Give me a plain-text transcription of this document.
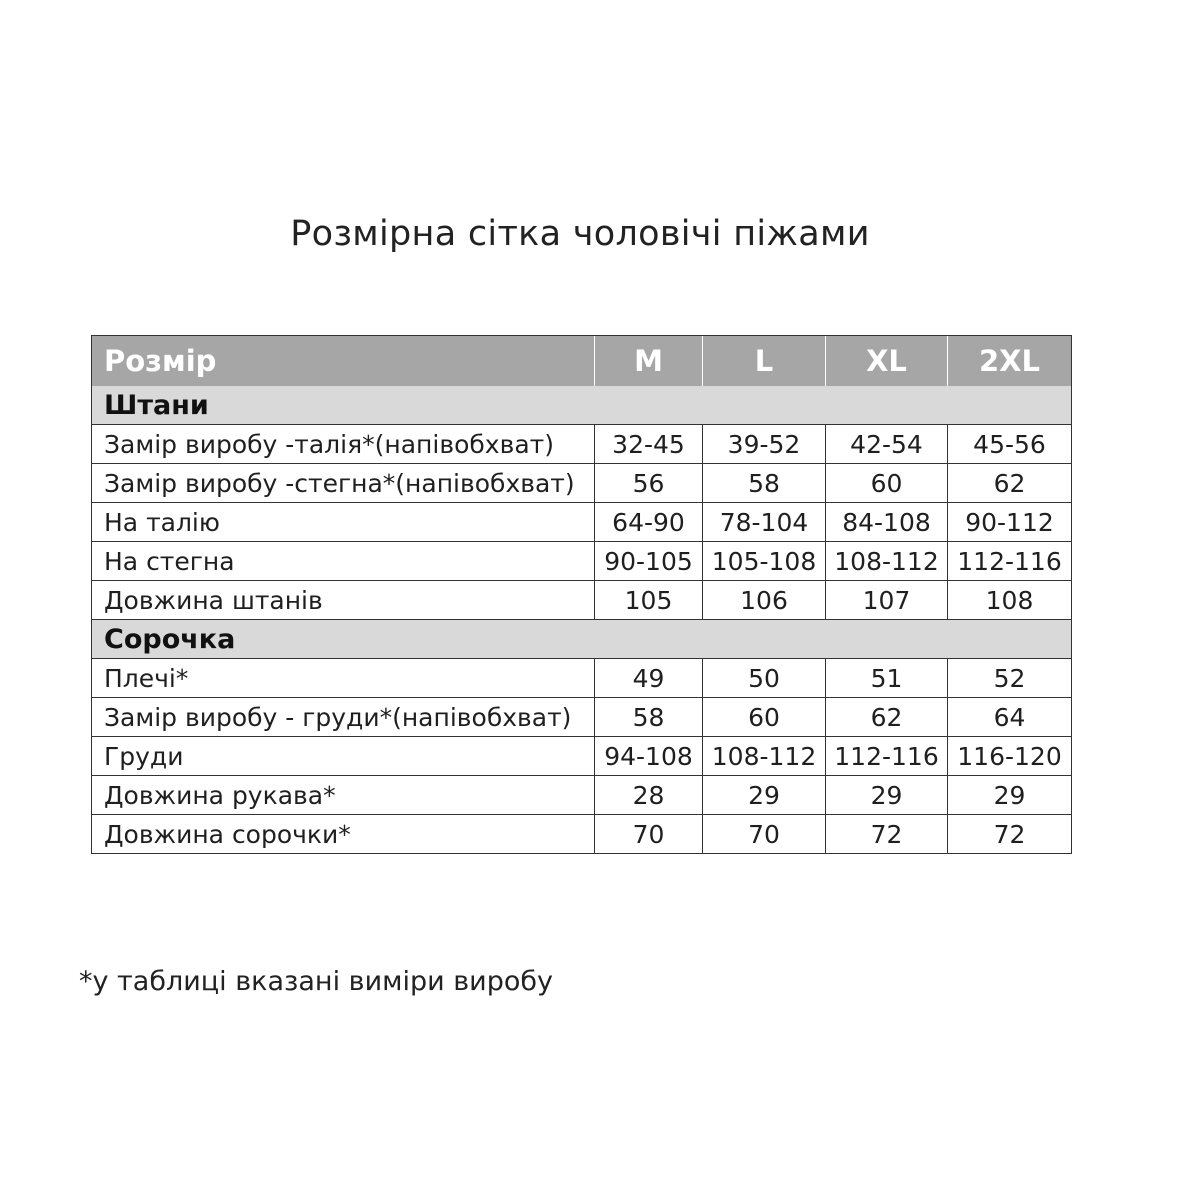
Розмірна сітка чоловічі піжами
Розмір	M	L	XL	2XL
Штани				
Замір виробу -талія*(напівобхват)	32-45	39-52	42-54	45-56
Замір виробу -стегна*(напівобхват)	56	58	60	62
На талію	64-90	78-104	84-108	90-112
На стегна	90-105	105-108	108-112	112-116
Довжина штанів	105	106	107	108
Сорочка				
Плечі*	49	50	51	52
Замір виробу - груди*(напівобхват)	58	60	62	64
Груди	94-108	108-112	112-116	116-120
Довжина рукава*	28	29	29	29
Довжина сорочки*	70	70	72	72
*у таблиці вказані виміри виробу
